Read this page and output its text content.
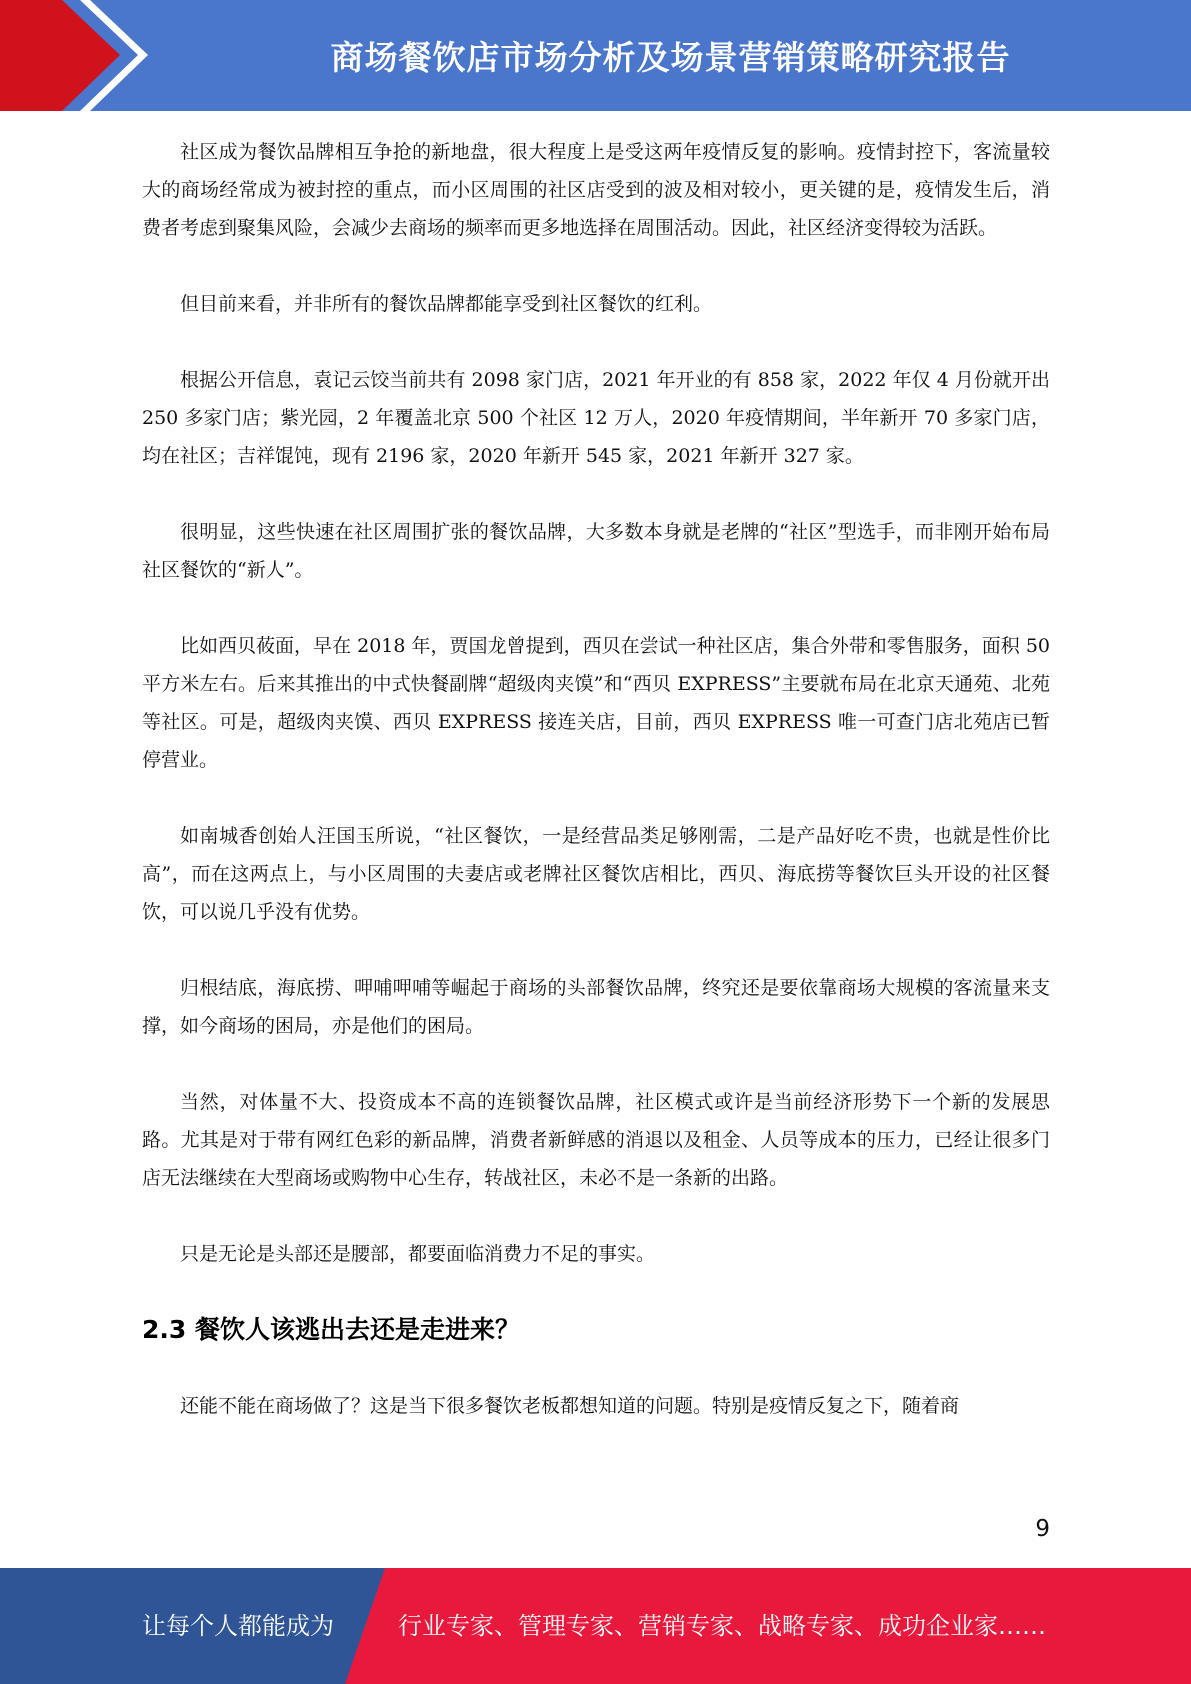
商场餐饮店市场分析及场景营销策略研究报告

社区成为餐饮品牌相互争抢的新地盘，很大程度上是受这两年疫情反复的影响。疫情封控下，客流量较大的商场经常成为被封控的重点，而小区周围的社区店受到的波及相对较小，更关键的是，疫情发生后，消费者考虑到聚集风险，会减少去商场的频率而更多地选择在周围活动。因此，社区经济变得较为活跃。

但目前来看，并非所有的餐饮品牌都能享受到社区餐饮的红利。

根据公开信息，袁记云饺当前共有 2098 家门店，2021 年开业的有 858 家，2022 年仅 4 月份就开出 250 多家门店；紫光园，2 年覆盖北京 500 个社区 12 万人，2020 年疫情期间，半年新开 70 多家门店，均在社区；吉祥馄饨，现有 2196 家，2020 年新开 545 家，2021 年新开 327 家。

很明显，这些快速在社区周围扩张的餐饮品牌，大多数本身就是老牌的“社区”型选手，而非刚开始布局社区餐饮的“新人”。

比如西贝莜面，早在 2018 年，贾国龙曾提到，西贝在尝试一种社区店，集合外带和零售服务，面积 50 平方米左右。后来其推出的中式快餐副牌“超级肉夹馍”和“西贝 EXPRESS”主要就布局在北京天通苑、北苑等社区。可是，超级肉夹馍、西贝 EXPRESS 接连关店，目前，西贝 EXPRESS 唯一可查门店北苑店已暂停营业。

如南城香创始人汪国玉所说，“社区餐饮，一是经营品类足够刚需，二是产品好吃不贵，也就是性价比高”，而在这两点上，与小区周围的夫妻店或老牌社区餐饮店相比，西贝、海底捞等餐饮巨头开设的社区餐饮，可以说几乎没有优势。

归根结底，海底捞、呷哺呷哺等崛起于商场的头部餐饮品牌，终究还是要依靠商场大规模的客流量来支撑，如今商场的困局，亦是他们的困局。

当然，对体量不大、投资成本不高的连锁餐饮品牌，社区模式或许是当前经济形势下一个新的发展思路。尤其是对于带有网红色彩的新品牌，消费者新鲜感的消退以及租金、人员等成本的压力，已经让很多门店无法继续在大型商场或购物中心生存，转战社区，未必不是一条新的出路。

只是无论是头部还是腰部，都要面临消费力不足的事实。

2.3 餐饮人该逃出去还是走进来？

还能不能在商场做了？这是当下很多餐饮老板都想知道的问题。特别是疫情反复之下，随着商

9
让每个人都能成为	行业专家、管理专家、营销专家、战略专家、成功企业家……
